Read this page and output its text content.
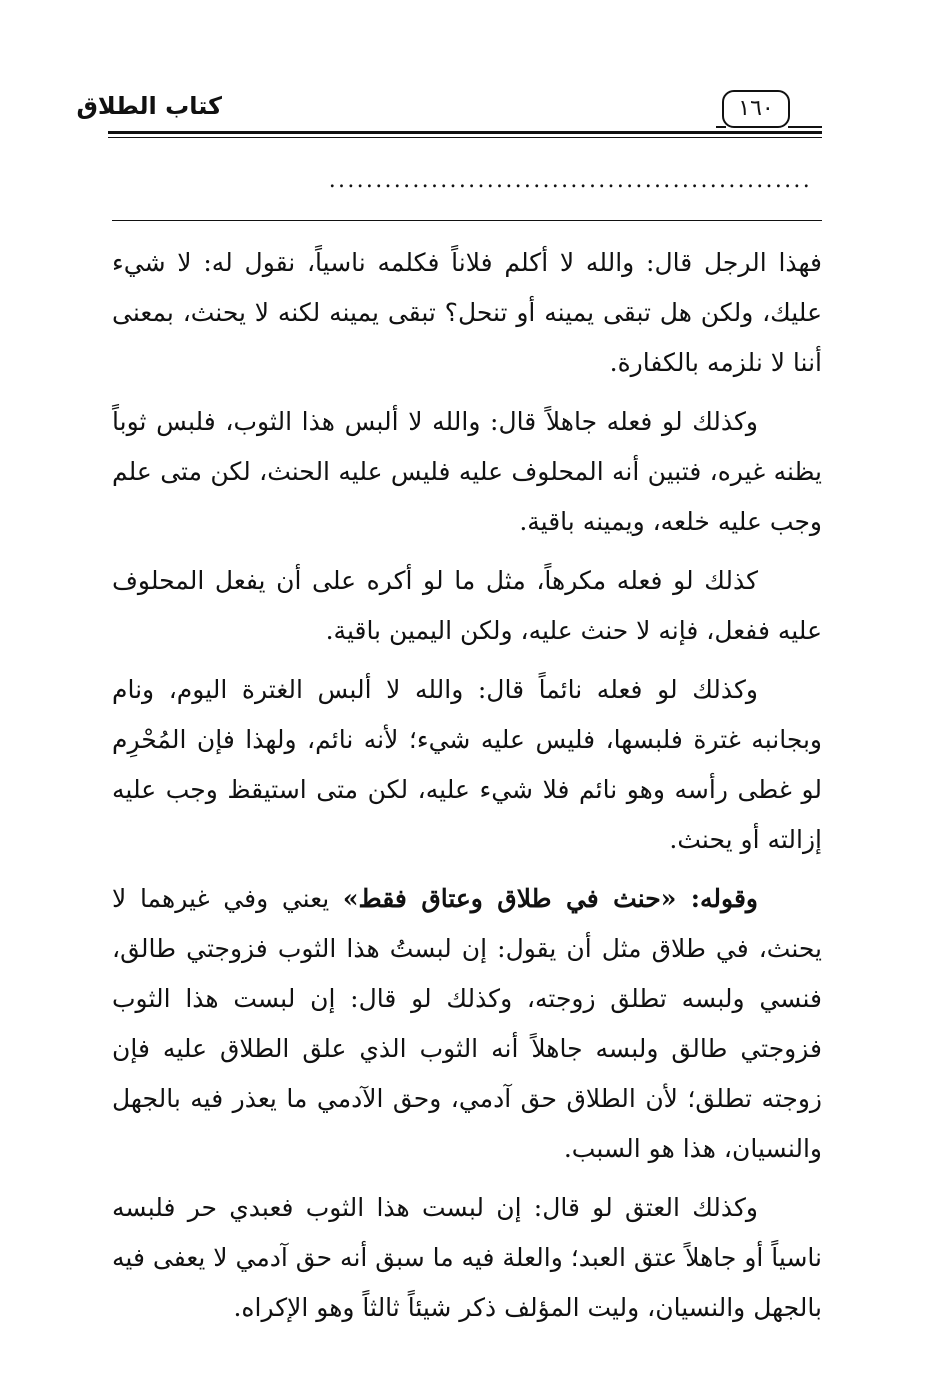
كتاب الطلاق	١٦٠
....................................................

فهذا الرجل قال: والله لا أكلم فلاناً فكلمه ناسياً، نقول له: لا شيء عليك، ولكن هل تبقى يمينه أو تنحل؟ تبقى يمينه لكنه لا يحنث، بمعنى أننا لا نلزمه بالكفارة.

وكذلك لو فعله جاهلاً قال: والله لا ألبس هذا الثوب، فلبس ثوباً يظنه غيره، فتبين أنه المحلوف عليه فليس عليه الحنث، لكن متى علم وجب عليه خلعه، ويمينه باقية.

كذلك لو فعله مكرهاً، مثل ما لو أكره على أن يفعل المحلوف عليه ففعل، فإنه لا حنث عليه، ولكن اليمين باقية.

وكذلك لو فعله نائماً قال: والله لا ألبس الغترة اليوم، ونام وبجانبه غترة فلبسها، فليس عليه شيء؛ لأنه نائم، ولهذا فإن المُحْرِم لو غطى رأسه وهو نائم فلا شيء عليه، لكن متى استيقظ وجب عليه إزالته أو يحنث.

وقوله: «حنث في طلاق وعتاق فقط» يعني وفي غيرهما لا يحنث، في طلاق مثل أن يقول: إن لبستُ هذا الثوب فزوجتي طالق، فنسي ولبسه تطلق زوجته، وكذلك لو قال: إن لبست هذا الثوب فزوجتي طالق ولبسه جاهلاً أنه الثوب الذي علق الطلاق عليه فإن زوجته تطلق؛ لأن الطلاق حق آدمي، وحق الآدمي ما يعذر فيه بالجهل والنسيان، هذا هو السبب.

وكذلك العتق لو قال: إن لبست هذا الثوب فعبدي حر فلبسه ناسياً أو جاهلاً عتق العبد؛ والعلة فيه ما سبق أنه حق آدمي لا يعفى فيه بالجهل والنسيان، وليت المؤلف ذكر شيئاً ثالثاً وهو الإكراه.
